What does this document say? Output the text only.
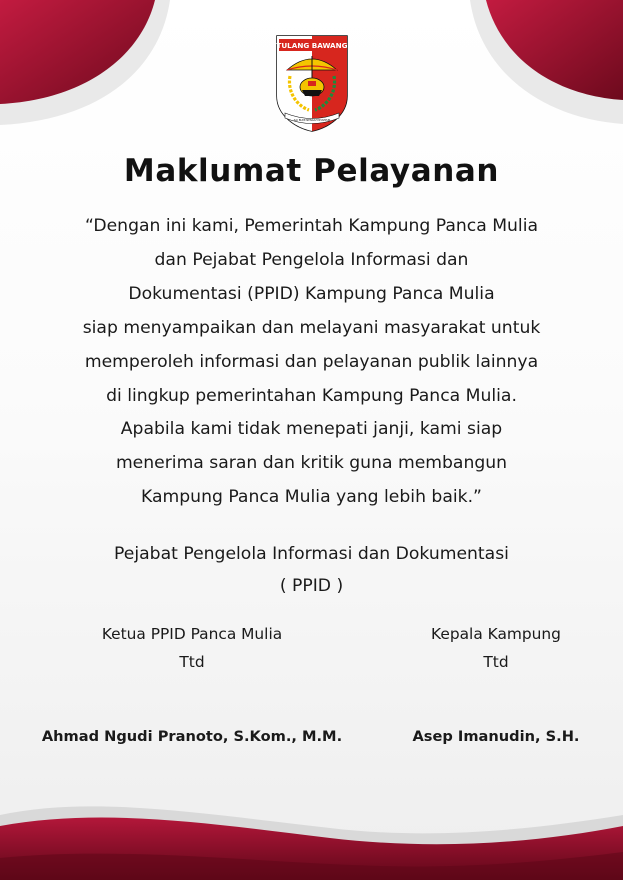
TULANG BAWANG
SAI BUMI NENGAH NYAPPUR
Maklumat Pelayanan
“Dengan ini kami, Pemerintah Kampung Panca Mulia
dan Pejabat Pengelola Informasi dan
Dokumentasi (PPID) Kampung Panca Mulia
siap menyampaikan dan melayani masyarakat untuk
memperoleh informasi dan pelayanan publik lainnya
di lingkup pemerintahan Kampung Panca Mulia.
Apabila kami tidak menepati janji, kami siap
menerima saran dan kritik guna membangun
Kampung Panca Mulia yang lebih baik.”
Pejabat Pengelola Informasi dan Dokumentasi
( PPID )
Ketua PPID Panca Mulia
Ttd
Ahmad Ngudi Pranoto, S.Kom., M.M.
Kepala Kampung
Ttd
Asep Imanudin, S.H.
